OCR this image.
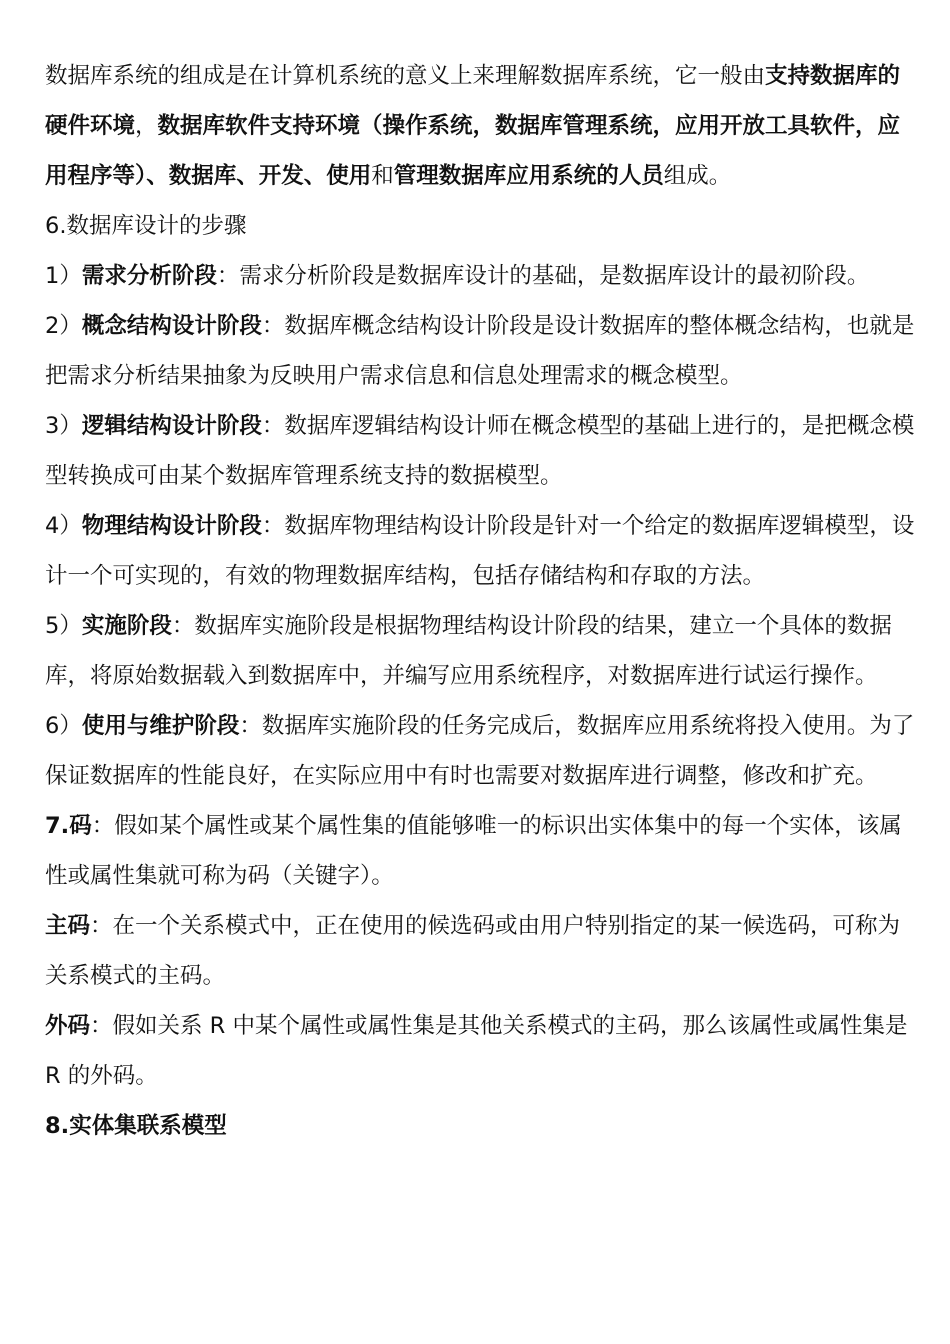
数据库系统的组成是在计算机系统的意义上来理解数据库系统，它一般由支持数据库的硬件环境，数据库软件支持环境（操作系统，数据库管理系统，应用开放工具软件，应用程序等）、数据库、开发、使用和管理数据库应用系统的人员组成。

6.数据库设计的步骤

1）需求分析阶段：需求分析阶段是数据库设计的基础，是数据库设计的最初阶段。

2）概念结构设计阶段：数据库概念结构设计阶段是设计数据库的整体概念结构，也就是把需求分析结果抽象为反映用户需求信息和信息处理需求的概念模型。

3）逻辑结构设计阶段：数据库逻辑结构设计师在概念模型的基础上进行的，是把概念模型转换成可由某个数据库管理系统支持的数据模型。

4）物理结构设计阶段：数据库物理结构设计阶段是针对一个给定的数据库逻辑模型，设计一个可实现的，有效的物理数据库结构，包括存储结构和存取的方法。

5）实施阶段：数据库实施阶段是根据物理结构设计阶段的结果，建立一个具体的数据库，将原始数据载入到数据库中，并编写应用系统程序，对数据库进行试运行操作。

6）使用与维护阶段：数据库实施阶段的任务完成后，数据库应用系统将投入使用。为了保证数据库的性能良好，在实际应用中有时也需要对数据库进行调整，修改和扩充。

7.码：假如某个属性或某个属性集的值能够唯一的标识出实体集中的每一个实体，该属性或属性集就可称为码（关键字）。

主码：在一个关系模式中，正在使用的候选码或由用户特别指定的某一候选码，可称为关系模式的主码。

外码：假如关系 R 中某个属性或属性集是其他关系模式的主码，那么该属性或属性集是 R 的外码。

8.实体集联系模型
